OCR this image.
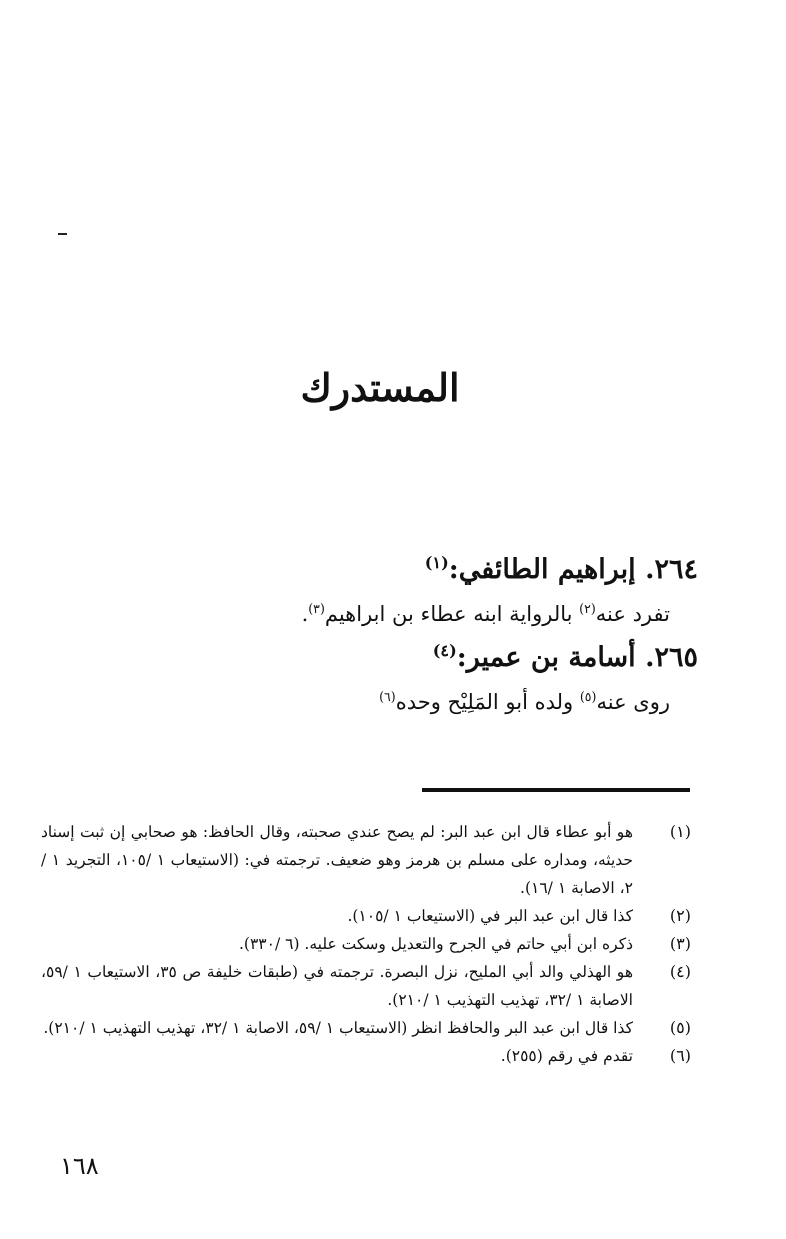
المستدرك
٢٦٤. إبراهيم الطائفي:$^{(١)}$
تفرد عنه$^{(٢)}$ بالرواية ابنه عطاء بن ابراهيم$^{(٣)}$.
٢٦٥. أسامة بن عمير:$^{(٤)}$
روى عنه$^{(٥)}$ ولده أبو المَلِيْح وحده$^{(٦)}$
(١)
هو أبو عطاء قال ابن عبد البر: لم يصح عندي صحبته، وقال الحافظ: هو صحابي إن ثبت إسناد حديثه، ومداره على مسلم بن هرمز وهو ضعيف. ترجمته في: (الاستيعاب ١ /١٠٥، التجريد ١ /٢، الاصابة ١ /١٦).
(٢)
كذا قال ابن عبد البر في (الاستيعاب ١ /١٠٥).
(٣)
ذكره ابن أبي حاتم في الجرح والتعديل وسكت عليه. (٦ /٣٣٠).
(٤)
هو الهذلي والد أبي المليح، نزل البصرة. ترجمته في (طبقات خليفة ص ٣٥، الاستيعاب ١ /٥٩، الاصابة ١ /٣٢، تهذيب التهذيب ١ /٢١٠).
(٥)
كذا قال ابن عبد البر والحافظ انظر (الاستيعاب ١ /٥٩، الاصابة ١ /٣٢، تهذيب التهذيب ١ /٢١٠).
(٦)
تقدم في رقم (٢٥٥).
١٦٨
